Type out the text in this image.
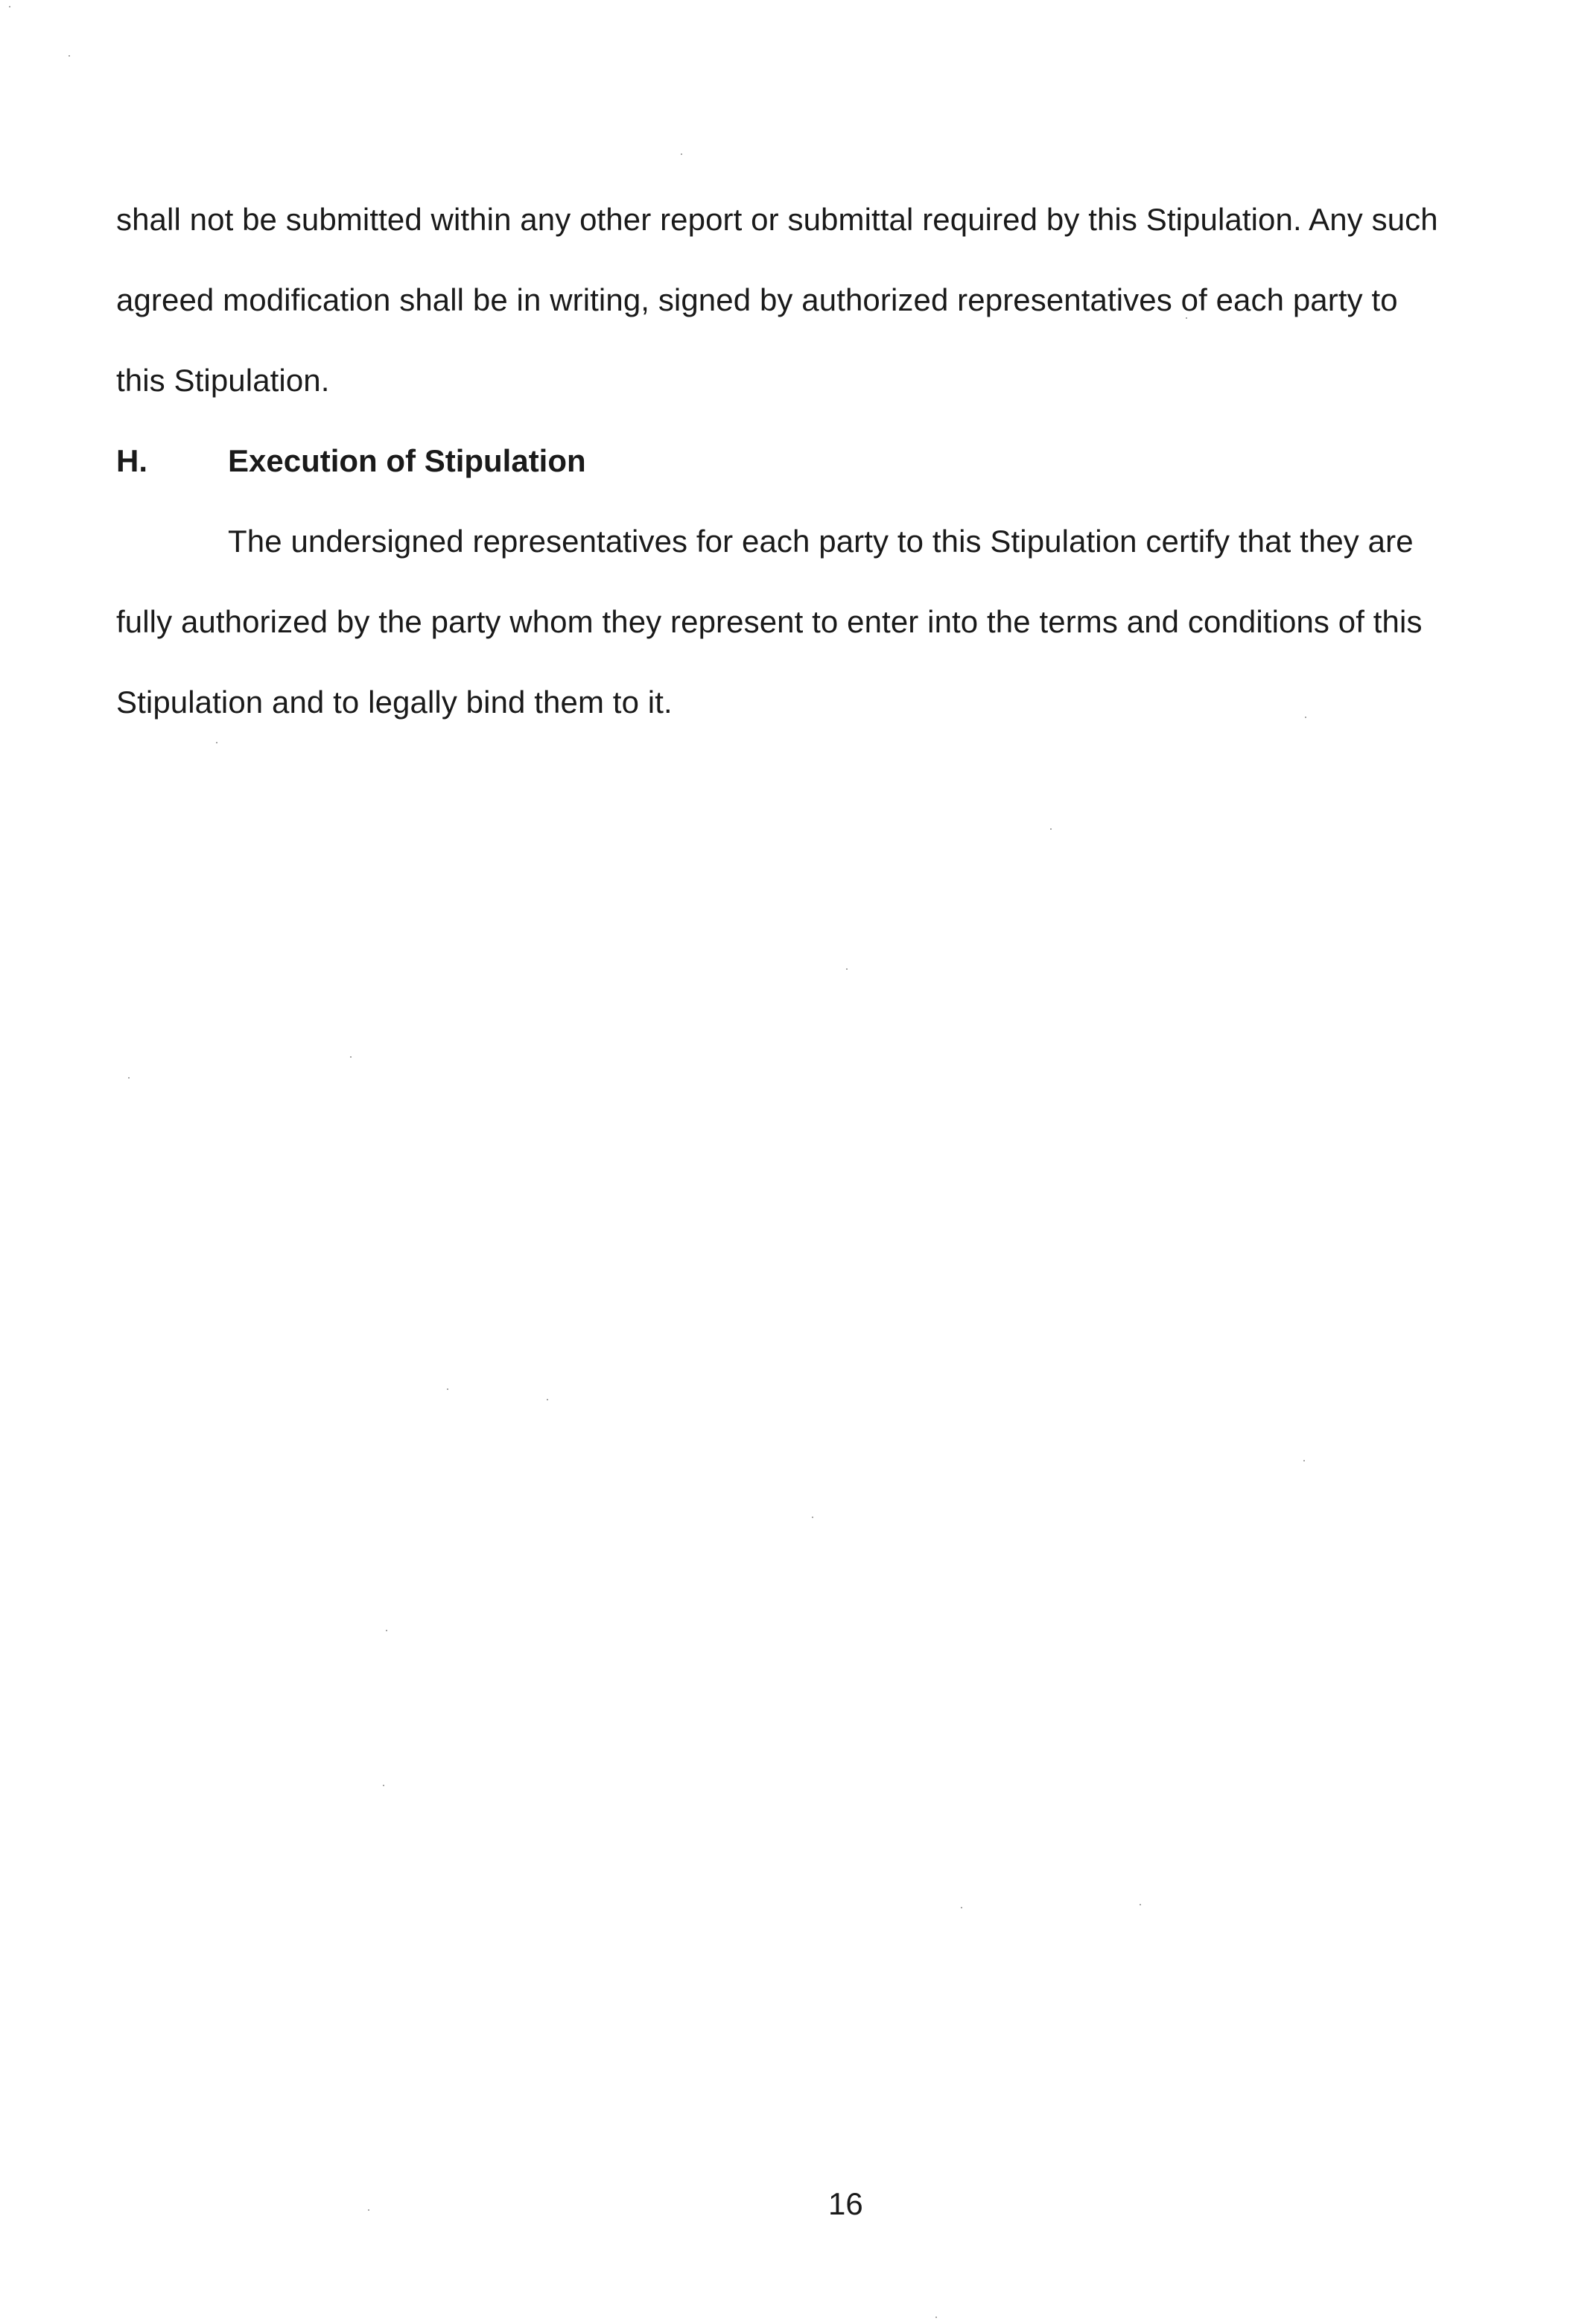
shall not be submitted within any other report or submittal required by this Stipulation. Any such
agreed modification shall be in writing, signed by authorized representatives of each party to
this Stipulation.
H.	Execution of Stipulation
The undersigned representatives for each party to this Stipulation certify that they are
fully authorized by the party whom they represent to enter into the terms and conditions of this
Stipulation and to legally bind them to it.
16
